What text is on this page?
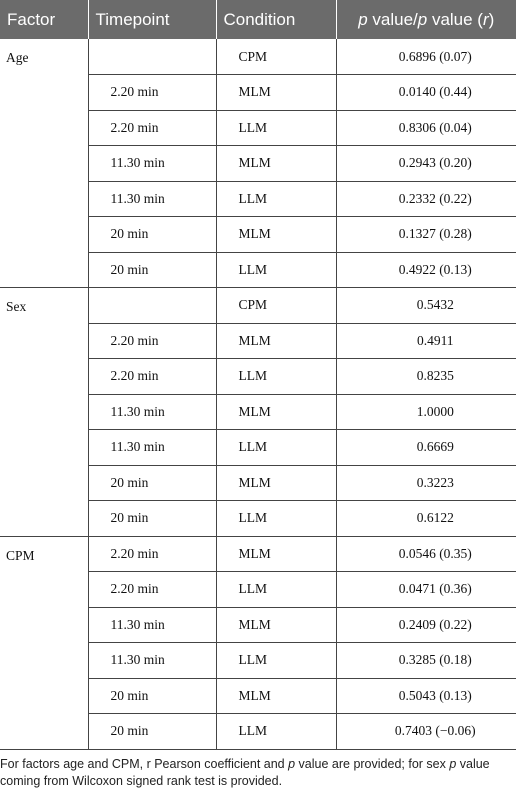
Factor	Timepoint	Condition	p value/p value (r)
Age		CPM	0.6896 (0.07)
	2.20 min	MLM	0.0140 (0.44)
	2.20 min	LLM	0.8306 (0.04)
	11.30 min	MLM	0.2943 (0.20)
	11.30 min	LLM	0.2332 (0.22)
	20 min	MLM	0.1327 (0.28)
	20 min	LLM	0.4922 (0.13)
Sex		CPM	0.5432
	2.20 min	MLM	0.4911
	2.20 min	LLM	0.8235
	11.30 min	MLM	1.0000
	11.30 min	LLM	0.6669
	20 min	MLM	0.3223
	20 min	LLM	0.6122
CPM	2.20 min	MLM	0.0546 (0.35)
	2.20 min	LLM	0.0471 (0.36)
	11.30 min	MLM	0.2409 (0.22)
	11.30 min	LLM	0.3285 (0.18)
	20 min	MLM	0.5043 (0.13)
	20 min	LLM	0.7403 (−0.06)
For factors age and CPM, r Pearson coefficient and p value are provided; for sex p value coming from Wilcoxon signed rank test is provided.
